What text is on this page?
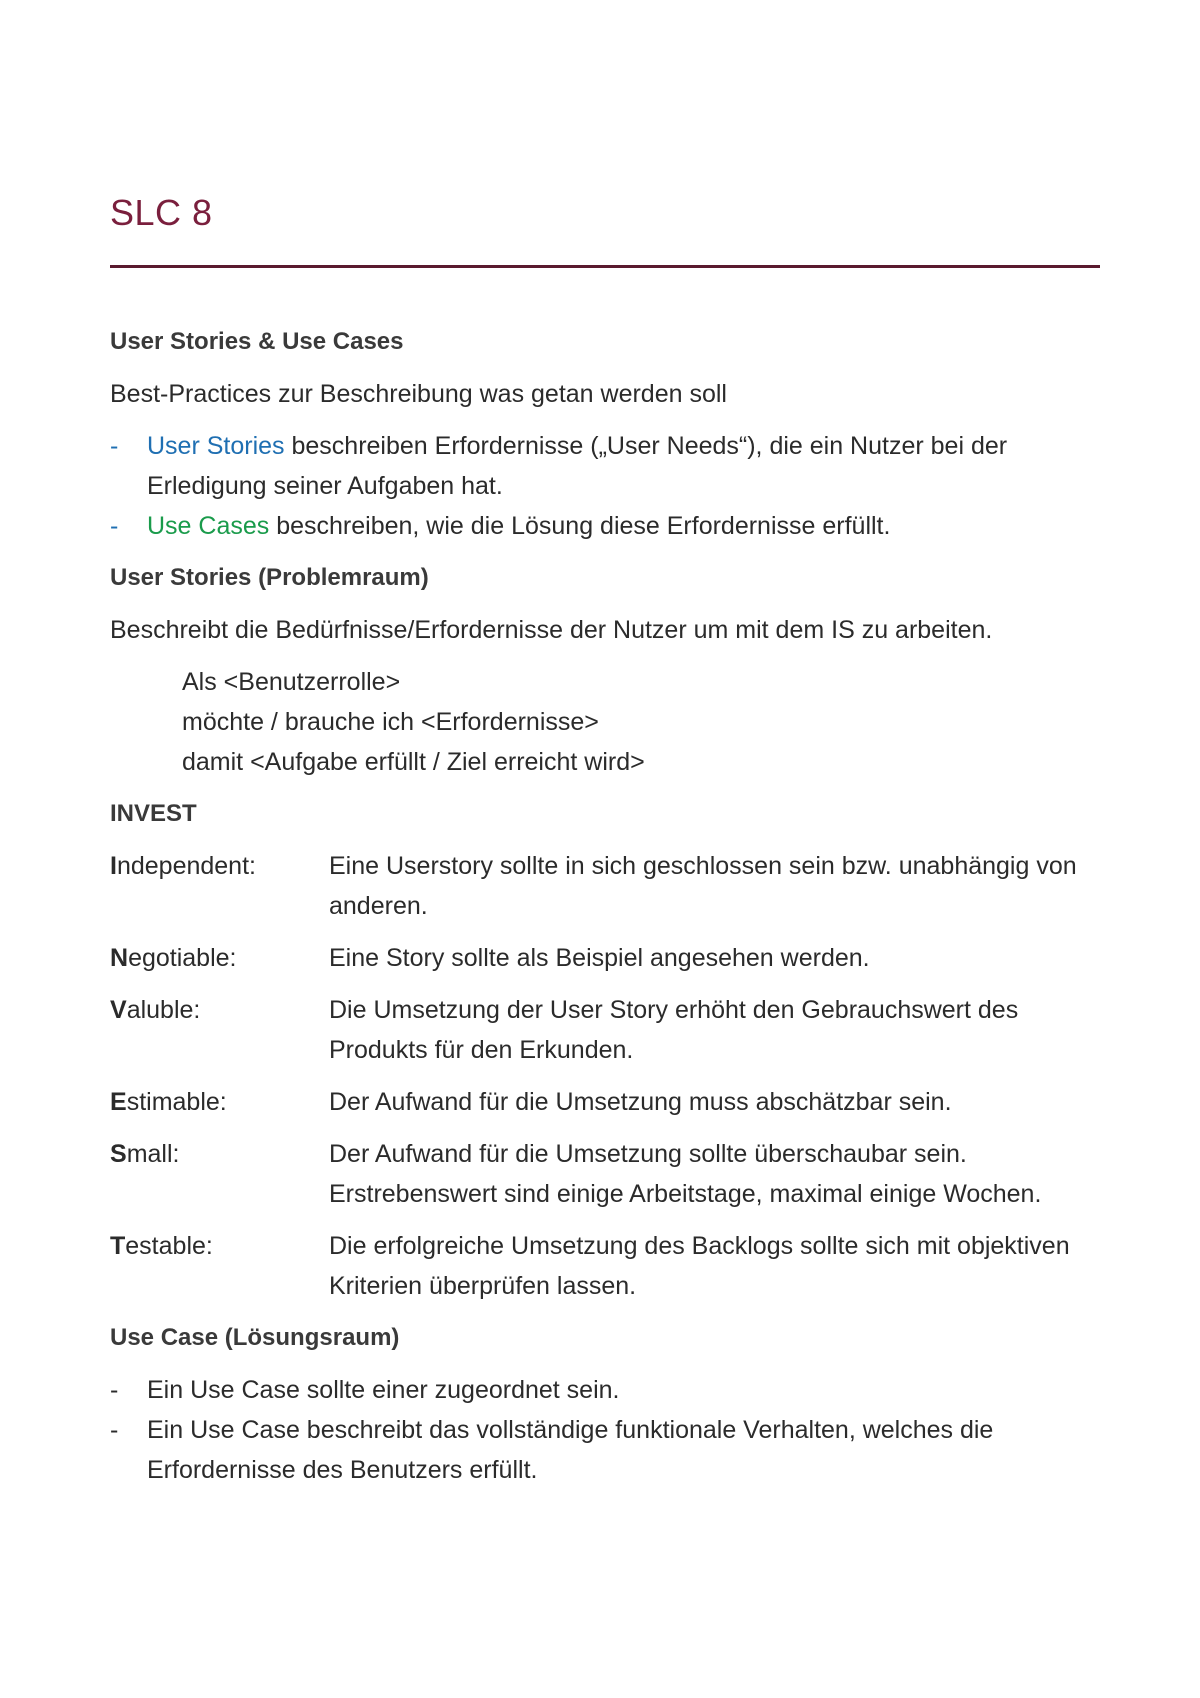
SLC 8
User Stories & Use Cases
Best-Practices zur Beschreibung was getan werden soll
- User Stories beschreiben Erfordernisse („User Needs“), die ein Nutzer bei der Erledigung seiner Aufgaben hat.
- Use Cases beschreiben, wie die Lösung diese Erfordernisse erfüllt.
User Stories (Problemraum)
Beschreibt die Bedürfnisse/Erfordernisse der Nutzer um mit dem IS zu arbeiten.
Als <Benutzerrolle>
möchte / brauche ich <Erfordernisse>
damit <Aufgabe erfüllt / Ziel erreicht wird>
INVEST
Independent:	Eine Userstory sollte in sich geschlossen sein bzw. unabhängig von anderen.
Negotiable:	Eine Story sollte als Beispiel angesehen werden.
Valuble:	Die Umsetzung der User Story erhöht den Gebrauchswert des Produkts für den Erkunden.
Estimable:	Der Aufwand für die Umsetzung muss abschätzbar sein.
Small:	Der Aufwand für die Umsetzung sollte überschaubar sein. Erstrebenswert sind einige Arbeitstage, maximal einige Wochen.
Testable:	Die erfolgreiche Umsetzung des Backlogs sollte sich mit objektiven Kriterien überprüfen lassen.
Use Case (Lösungsraum)
- Ein Use Case sollte einer zugeordnet sein.
- Ein Use Case beschreibt das vollständige funktionale Verhalten, welches die Erfordernisse des Benutzers erfüllt.
